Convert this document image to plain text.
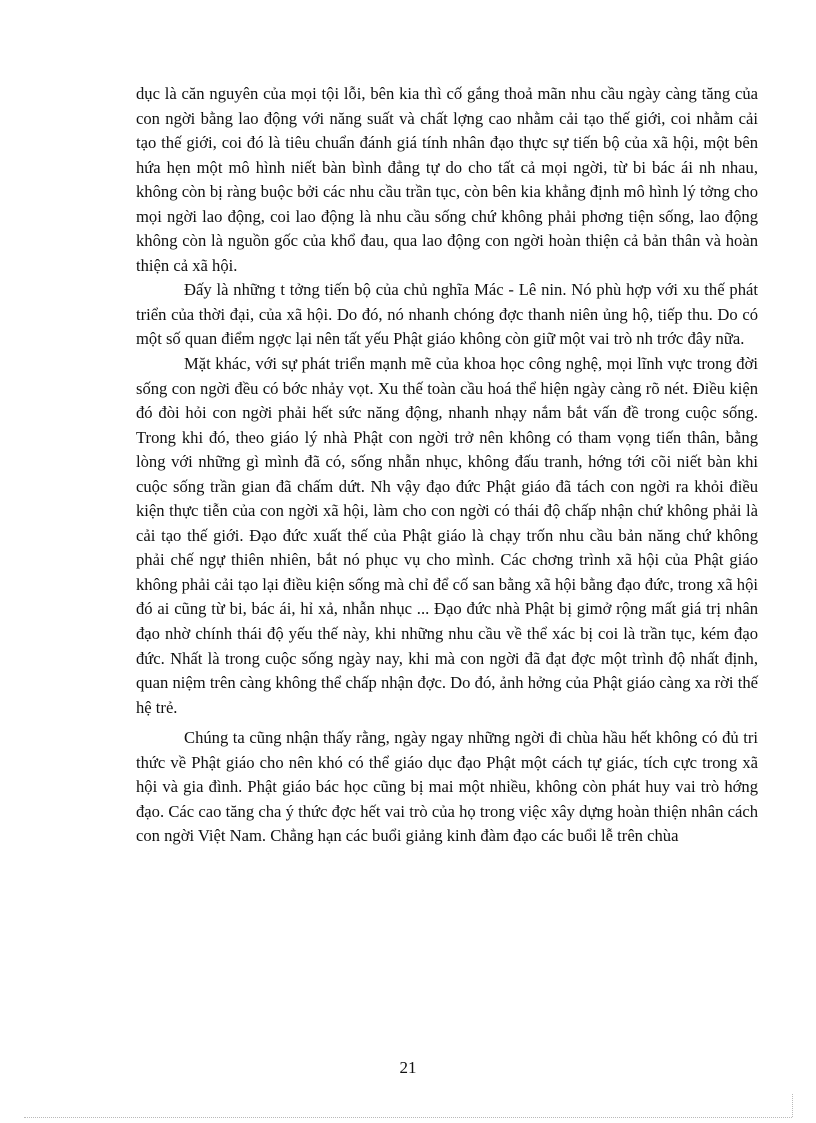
dục là căn nguyên của mọi tội lỗi, bên kia thì cố gắng thoả mãn nhu cầu ngày càng tăng của con ngời bằng lao động với năng suất và chất lợng cao nhằm cải tạo thế giới, coi nhằm cải tạo thế giới, coi đó là tiêu chuẩn đánh giá tính nhân đạo thực sự tiến bộ của xã hội, một bên hứa hẹn một mô hình niết bàn bình đẳng tự do cho tất cả mọi ngời, từ bi bác ái nh nhau, không còn bị ràng buộc bởi các nhu cầu trần tục, còn bên kia khẳng định mô hình lý tởng cho mọi ngời lao động, coi lao động là nhu cầu sống chứ không phải phơng tiện sống, lao động không còn là nguồn gốc của khổ đau, qua lao động con ngời hoàn thiện cả bản thân và hoàn thiện cả xã hội.

Đấy là những t tởng tiến bộ của chủ nghĩa Mác - Lê nin. Nó phù hợp với xu thế phát triển của thời đại, của xã hội. Do đó, nó nhanh chóng đợc thanh niên ủng hộ, tiếp thu. Do có một số quan điểm ngợc lại nên tất yếu Phật giáo không còn giữ một vai trò nh trớc đây nữa.

Mặt khác, với sự phát triển mạnh mẽ của khoa học công nghệ, mọi lĩnh vực trong đời sống con ngời đều có bớc nhảy vọt. Xu thế toàn cầu hoá thể hiện ngày càng rõ nét. Điều kiện đó đòi hỏi con ngời phải hết sức năng động, nhanh nhạy nắm bắt vấn đề trong cuộc sống. Trong khi đó, theo giáo lý nhà Phật con ngời trở nên không có tham vọng tiến thân, bằng lòng với những gì mình đã có, sống nhẫn nhục, không đấu tranh, hớng tới cõi niết bàn khi cuộc sống trần gian đã chấm dứt. Nh vậy đạo đức Phật giáo đã tách con ngời ra khỏi điều kiện thực tiễn của con ngời xã hội, làm cho con ngời có thái độ chấp nhận chứ không phải là cải tạo thế giới. Đạo đức xuất thế của Phật giáo là chạy trốn nhu cầu bản năng chứ không phải chế ngự thiên nhiên, bắt nó phục vụ cho mình. Các chơng trình xã hội của Phật giáo không phải cải tạo lại điều kiện sống mà chỉ để cố san bằng xã hội bằng đạo đức, trong xã hội đó ai cũng từ bi, bác ái, hỉ xả, nhẫn nhục ... Đạo đức nhà Phật bị gimở rộng mất giá trị nhân đạo nhờ chính thái độ yếu thế này, khi những nhu cầu về thể xác bị coi là trần tục, kém đạo đức. Nhất là trong cuộc sống ngày nay, khi mà con ngời đã đạt đợc một trình độ nhất định, quan niệm trên càng không thể chấp nhận đợc. Do đó, ảnh hởng của Phật giáo càng xa rời thế hệ trẻ.

Chúng ta cũng nhận thấy rằng, ngày ngay những ngời đi chùa hầu hết không có đủ tri thức về Phật giáo cho nên khó có thể giáo dục đạo Phật một cách tự giác, tích cực trong xã hội và gia đình. Phật giáo bác học cũng bị mai một nhiều, không còn phát huy vai trò hớng đạo. Các cao tăng cha ý thức đợc hết vai trò của họ trong việc xây dựng hoàn thiện nhân cách con ngời Việt Nam. Chẳng hạn các buổi giảng kinh đàm đạo các buổi lễ trên chùa

21
